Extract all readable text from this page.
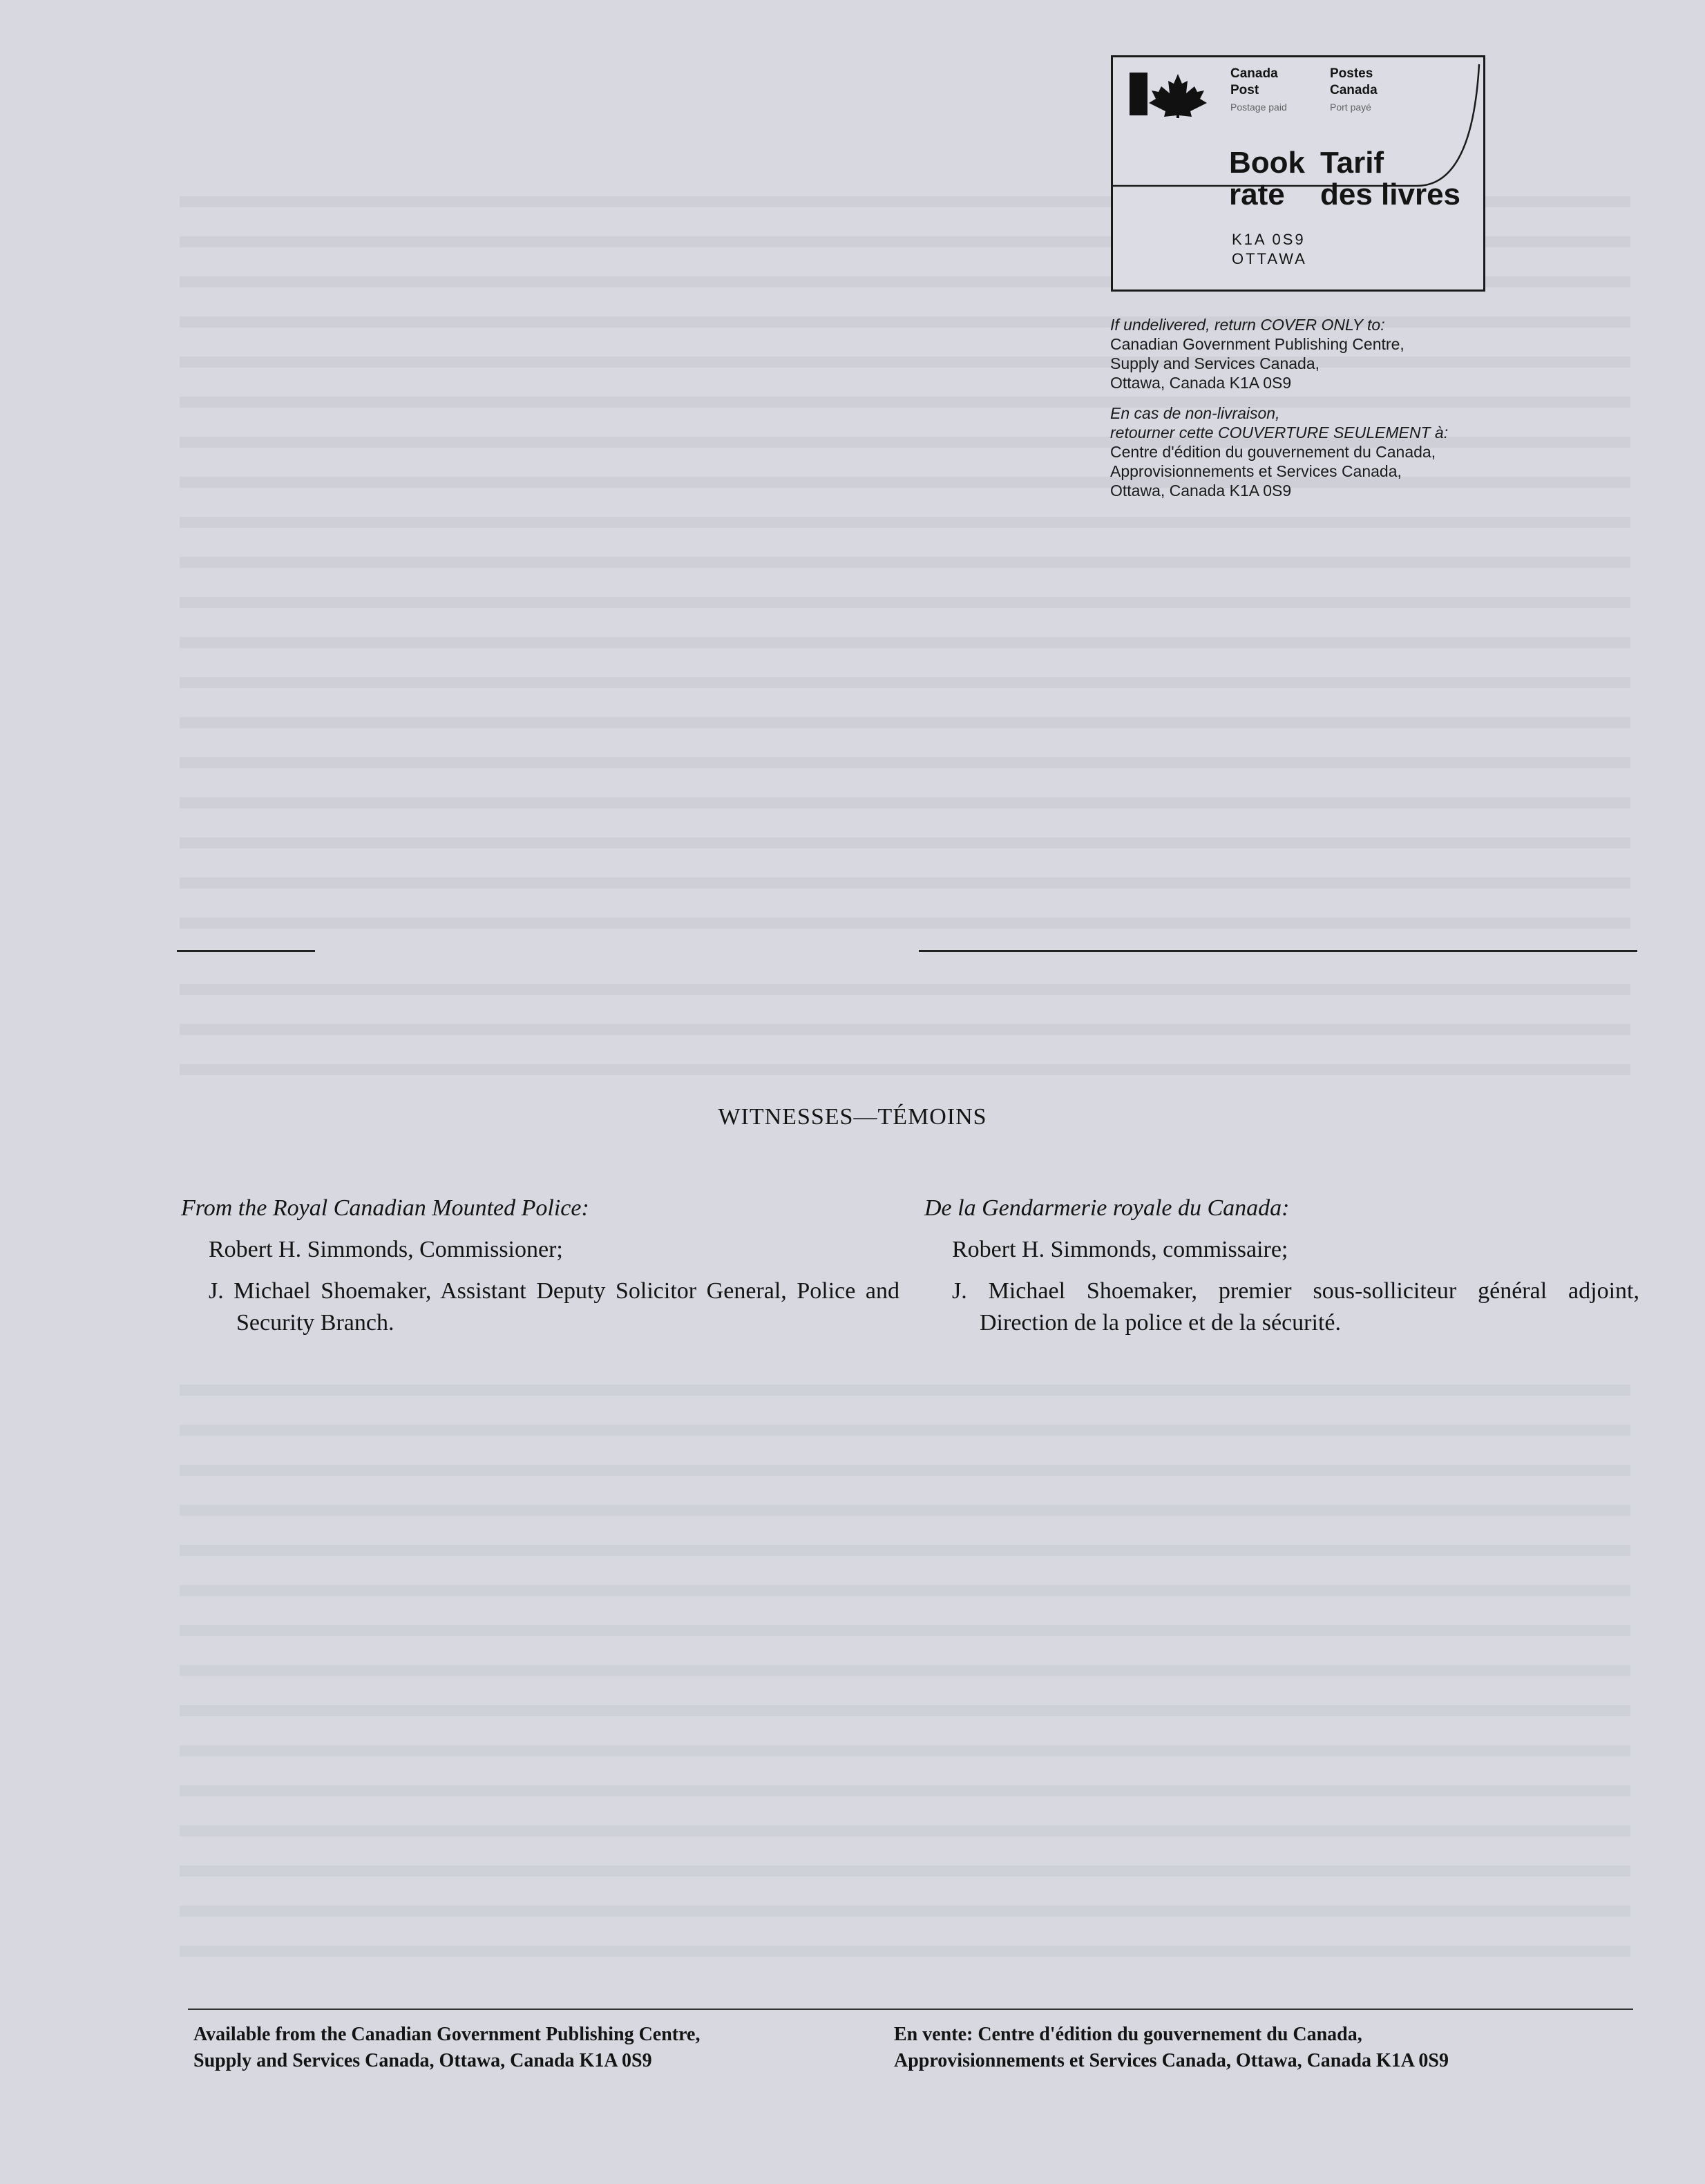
Canada	Postes
Post	Canada
Postage paid	Port payé
Book
rate
Tarif
des livres
K1A 0S9
OTTAWA
If undelivered, return COVER ONLY to:
Canadian Government Publishing Centre,
Supply and Services Canada,
Ottawa, Canada K1A 0S9
En cas de non-livraison,
retourner cette COUVERTURE SEULEMENT à:
Centre d'édition du gouvernement du Canada,
Approvisionnements et Services Canada,
Ottawa, Canada K1A 0S9
WITNESSES—TÉMOINS
From the Royal Canadian Mounted Police:
Robert H. Simmonds, Commissioner;
J. Michael Shoemaker, Assistant Deputy Solicitor General, Police and Security Branch.
De la Gendarmerie royale du Canada:
Robert H. Simmonds, commissaire;
J. Michael Shoemaker, premier sous-solliciteur général adjoint, Direction de la police et de la sécurité.
Available from the Canadian Government Publishing Centre,
Supply and Services Canada, Ottawa, Canada K1A 0S9
En vente: Centre d'édition du gouvernement du Canada,
Approvisionnements et Services Canada, Ottawa, Canada K1A 0S9
